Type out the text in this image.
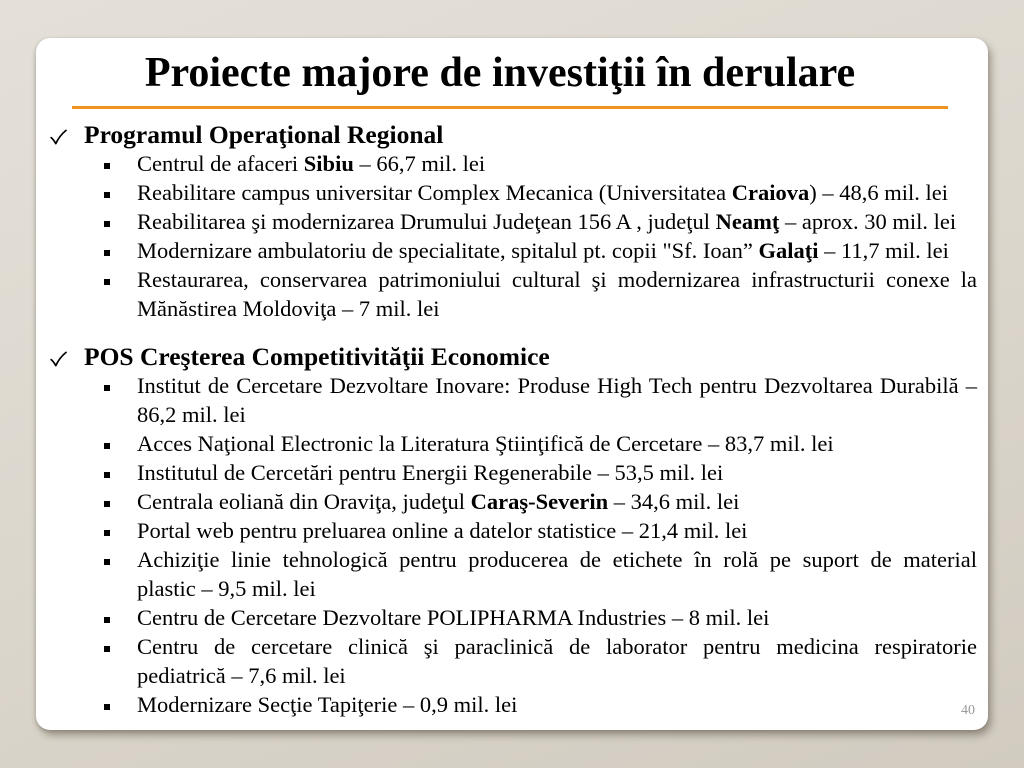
Proiecte majore de investiţii în derulare
Programul Operaţional Regional
Centrul de afaceri Sibiu – 66,7 mil. lei
Reabilitare campus universitar Complex Mecanica (Universitatea Craiova) – 48,6 mil. lei
Reabilitarea şi modernizarea Drumului Judeţean 156 A , judeţul Neamţ – aprox. 30 mil. lei
Modernizare ambulatoriu de specialitate, spitalul pt. copii "Sf. Ioan” Galaţi – 11,7 mil. lei
Restaurarea, conservarea patrimoniului cultural şi modernizarea infrastructurii conexe la
Mănăstirea Moldoviţa – 7 mil. lei
POS Creşterea Competitivităţii Economice
Institut de Cercetare Dezvoltare Inovare: Produse High Tech pentru Dezvoltarea Durabilă –
86,2 mil. lei
Acces Naţional Electronic la Literatura Ştiinţifică de Cercetare – 83,7 mil. lei
Institutul de Cercetări pentru Energii Regenerabile – 53,5 mil. lei
Centrala eoliană din Oraviţa, judeţul Caraş-Severin – 34,6 mil. lei
Portal web pentru preluarea online a datelor statistice – 21,4 mil. lei
Achiziţie linie tehnologică pentru producerea de etichete în rolă pe suport de material
plastic – 9,5 mil. lei
Centru de Cercetare Dezvoltare POLIPHARMA Industries – 8 mil. lei
Centru de cercetare clinică şi paraclinică de laborator pentru medicina respiratorie
pediatrică – 7,6 mil. lei
Modernizare Secţie Tapiţerie – 0,9 mil. lei	40
